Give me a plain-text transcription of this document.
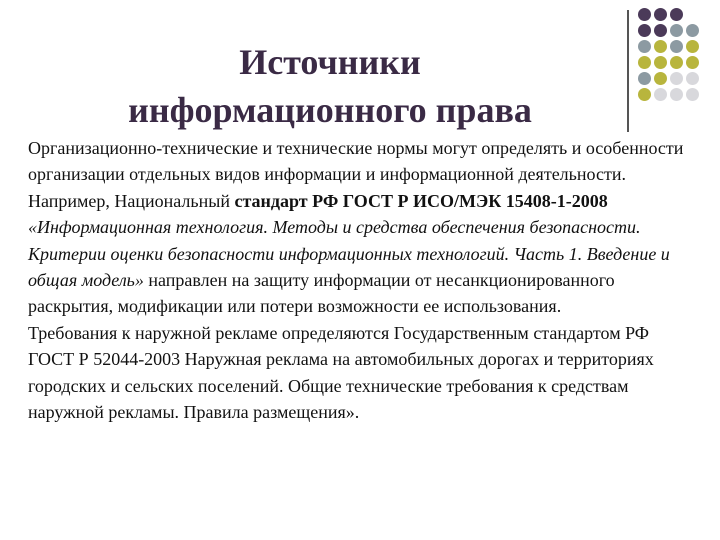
Источники
информационного права

Организационно-технические и технические нормы могут определять и особенности организации отдельных видов информации и информационной деятельности.

Например, Национальный стандарт РФ ГОСТ Р ИСО/МЭК 15408-1-2008 «Информационная технология. Методы и средства обеспечения безопасности. Критерии оценки безопасности информационных технологий. Часть 1. Введение и общая модель» направлен на защиту информации от несанкционированного раскрытия, модификации или потери возможности ее использования.

Требования к наружной рекламе определяются Государственным стандартом РФ ГОСТ Р 52044-2003 Наружная реклама на автомобильных дорогах и территориях городских и сельских поселений. Общие технические требования к средствам наружной рекламы. Правила размещения».
